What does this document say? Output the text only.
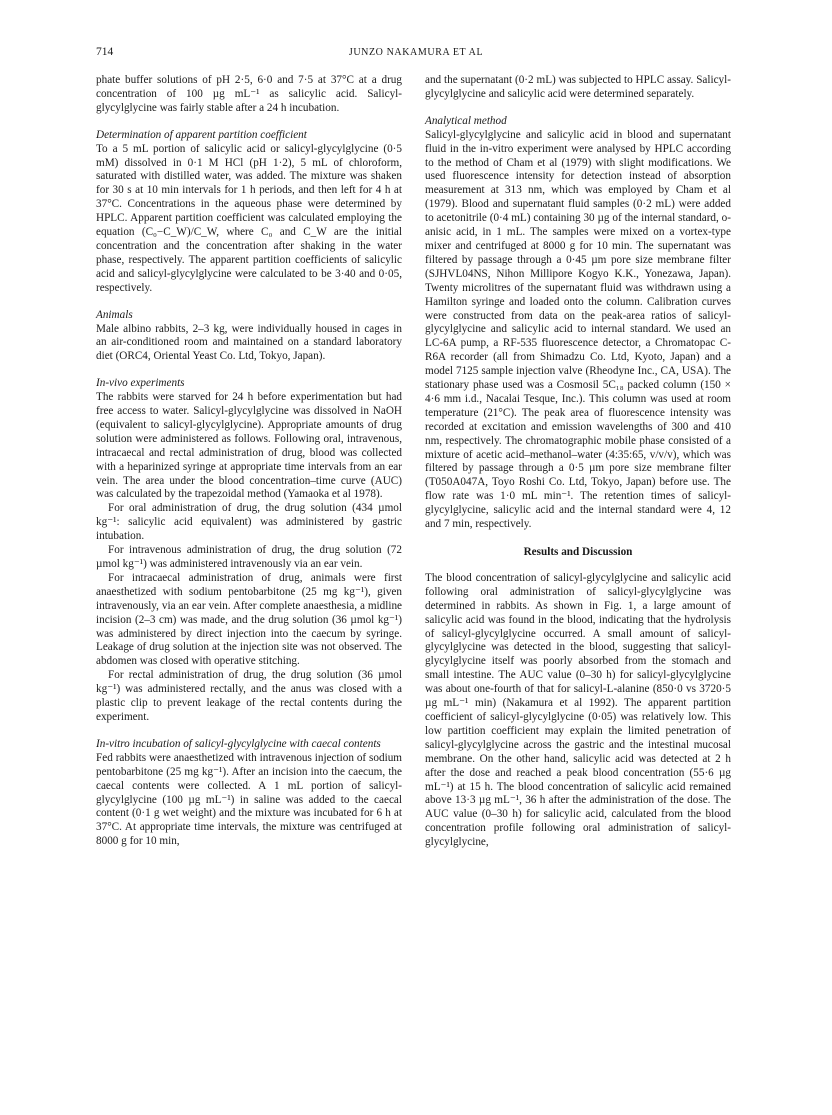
714	JUNZO NAKAMURA ET AL

phate buffer solutions of pH 2·5, 6·0 and 7·5 at 37°C at a drug concentration of 100 µg mL⁻¹ as salicylic acid. Salicyl-glycylglycine was fairly stable after a 24 h incubation.

Determination of apparent partition coefficient

To a 5 mL portion of salicylic acid or salicyl-glycylglycine (0·5 mM) dissolved in 0·1 M HCl (pH 1·2), 5 mL of chloroform, saturated with distilled water, was added. The mixture was shaken for 30 s at 10 min intervals for 1 h periods, and then left for 4 h at 37°C. Concentrations in the aqueous phase were determined by HPLC. Apparent partition coefficient was calculated employing the equation (C₀−C_W)/C_W, where C₀ and C_W are the initial concentration and the concentration after shaking in the water phase, respectively. The apparent partition coefficients of salicylic acid and salicyl-glycylglycine were calculated to be 3·40 and 0·05, respectively.

Animals

Male albino rabbits, 2–3 kg, were individually housed in cages in an air-conditioned room and maintained on a standard laboratory diet (ORC4, Oriental Yeast Co. Ltd, Tokyo, Japan).

In-vivo experiments

The rabbits were starved for 24 h before experimentation but had free access to water. Salicyl-glycylglycine was dissolved in NaOH (equivalent to salicyl-glycylglycine). Appropriate amounts of drug solution were administered as follows. Following oral, intravenous, intracaecal and rectal administration of drug, blood was collected with a heparinized syringe at appropriate time intervals from an ear vein. The area under the blood concentration–time curve (AUC) was calculated by the trapezoidal method (Yamaoka et al 1978).

For oral administration of drug, the drug solution (434 µmol kg⁻¹: salicylic acid equivalent) was administered by gastric intubation.

For intravenous administration of drug, the drug solution (72 µmol kg⁻¹) was administered intravenously via an ear vein.

For intracaecal administration of drug, animals were first anaesthetized with sodium pentobarbitone (25 mg kg⁻¹), given intravenously, via an ear vein. After complete anaesthesia, a midline incision (2–3 cm) was made, and the drug solution (36 µmol kg⁻¹) was administered by direct injection into the caecum by syringe. Leakage of drug solution at the injection site was not observed. The abdomen was closed with operative stitching.

For rectal administration of drug, the drug solution (36 µmol kg⁻¹) was administered rectally, and the anus was closed with a plastic clip to prevent leakage of the rectal contents during the experiment.

In-vitro incubation of salicyl-glycylglycine with caecal contents

Fed rabbits were anaesthetized with intravenous injection of sodium pentobarbitone (25 mg kg⁻¹). After an incision into the caecum, the caecal contents were collected. A 1 mL portion of salicyl-glycylglycine (100 µg mL⁻¹) in saline was added to the caecal content (0·1 g wet weight) and the mixture was incubated for 6 h at 37°C. At appropriate time intervals, the mixture was centrifuged at 8000 g for 10 min,

and the supernatant (0·2 mL) was subjected to HPLC assay. Salicyl-glycylglycine and salicylic acid were determined separately.

Analytical method

Salicyl-glycylglycine and salicylic acid in blood and supernatant fluid in the in-vitro experiment were analysed by HPLC according to the method of Cham et al (1979) with slight modifications. We used fluorescence intensity for detection instead of absorption measurement at 313 nm, which was employed by Cham et al (1979). Blood and supernatant fluid samples (0·2 mL) were added to acetonitrile (0·4 mL) containing 30 µg of the internal standard, o-anisic acid, in 1 mL. The samples were mixed on a vortex-type mixer and centrifuged at 8000 g for 10 min. The supernatant was filtered by passage through a 0·45 µm pore size membrane filter (SJHVL04NS, Nihon Millipore Kogyo K.K., Yonezawa, Japan). Twenty microlitres of the supernatant fluid was withdrawn using a Hamilton syringe and loaded onto the column. Calibration curves were constructed from data on the peak-area ratios of salicyl-glycylglycine and salicylic acid to internal standard. We used an LC-6A pump, a RF-535 fluorescence detector, a Chromatopac C-R6A recorder (all from Shimadzu Co. Ltd, Kyoto, Japan) and a model 7125 sample injection valve (Rheodyne Inc., CA, USA). The stationary phase used was a Cosmosil 5C₁₈ packed column (150 × 4·6 mm i.d., Nacalai Tesque, Inc.). This column was used at room temperature (21°C). The peak area of fluorescence intensity was recorded at excitation and emission wavelengths of 300 and 410 nm, respectively. The chromatographic mobile phase consisted of a mixture of acetic acid–methanol–water (4:35:65, v/v/v), which was filtered by passage through a 0·5 µm pore size membrane filter (T050A047A, Toyo Roshi Co. Ltd, Tokyo, Japan) before use. The flow rate was 1·0 mL min⁻¹. The retention times of salicyl-glycylglycine, salicylic acid and the internal standard were 4, 12 and 7 min, respectively.

Results and Discussion

The blood concentration of salicyl-glycylglycine and salicylic acid following oral administration of salicyl-glycylglycine was determined in rabbits. As shown in Fig. 1, a large amount of salicylic acid was found in the blood, indicating that the hydrolysis of salicyl-glycylglycine occurred. A small amount of salicyl-glycylglycine was detected in the blood, suggesting that salicyl-glycylglycine itself was poorly absorbed from the stomach and small intestine. The AUC value (0–30 h) for salicyl-glycylglycine was about one-fourth of that for salicyl-L-alanine (850·0 vs 3720·5 µg mL⁻¹ min) (Nakamura et al 1992). The apparent partition coefficient of salicyl-glycylglycine (0·05) was relatively low. This low partition coefficient may explain the limited penetration of salicyl-glycylglycine across the gastric and the intestinal mucosal membrane. On the other hand, salicylic acid was detected at 2 h after the dose and reached a peak blood concentration (55·6 µg mL⁻¹) at 15 h. The blood concentration of salicylic acid remained above 13·3 µg mL⁻¹, 36 h after the administration of the dose. The AUC value (0–30 h) for salicylic acid, calculated from the blood concentration profile following oral administration of salicyl-glycylglycine,
